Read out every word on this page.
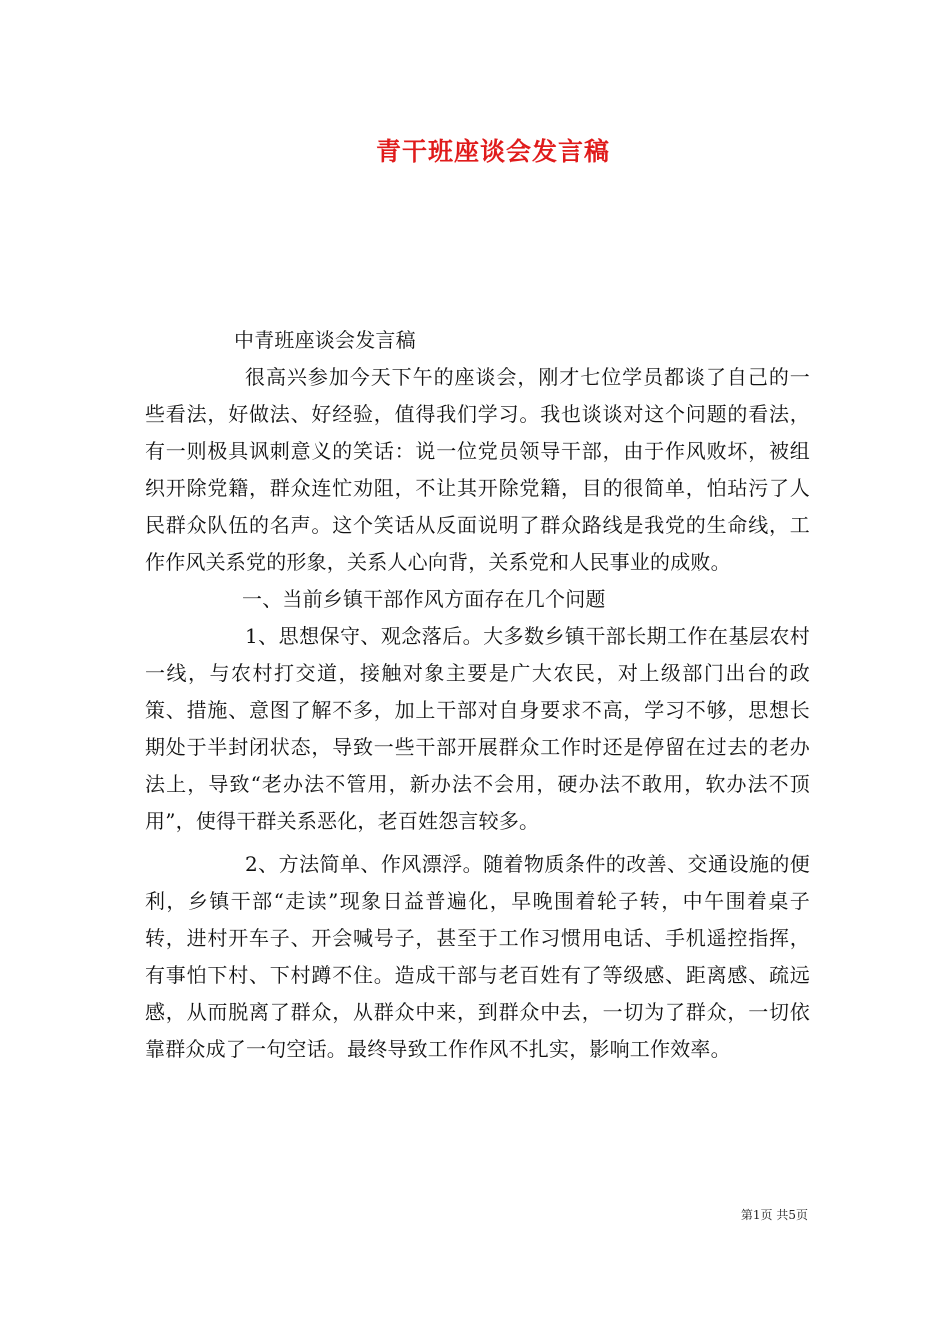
青干班座谈会发言稿

中青班座谈会发言稿

很高兴参加今天下午的座谈会，刚才七位学员都谈了自己的一些看法，好做法、好经验，值得我们学习。我也谈谈对这个问题的看法，有一则极具讽刺意义的笑话：说一位党员领导干部，由于作风败坏，被组织开除党籍，群众连忙劝阻，不让其开除党籍，目的很简单，怕玷污了人民群众队伍的名声。这个笑话从反面说明了群众路线是我党的生命线，工作作风关系党的形象，关系人心向背，关系党和人民事业的成败。

一、当前乡镇干部作风方面存在几个问题

1、思想保守、观念落后。大多数乡镇干部长期工作在基层农村一线，与农村打交道，接触对象主要是广大农民，对上级部门出台的政策、措施、意图了解不多，加上干部对自身要求不高，学习不够，思想长期处于半封闭状态，导致一些干部开展群众工作时还是停留在过去的老办法上，导致“老办法不管用，新办法不会用，硬办法不敢用，软办法不顶用”，使得干群关系恶化，老百姓怨言较多。

2、方法简单、作风漂浮。随着物质条件的改善、交通设施的便利，乡镇干部“走读”现象日益普遍化，早晚围着轮子转，中午围着桌子转，进村开车子、开会喊号子，甚至于工作习惯用电话、手机遥控指挥，有事怕下村、下村蹲不住。造成干部与老百姓有了等级感、距离感、疏远感，从而脱离了群众，从群众中来，到群众中去，一切为了群众，一切依靠群众成了一句空话。最终导致工作作风不扎实，影响工作效率。

第1页 共5页
